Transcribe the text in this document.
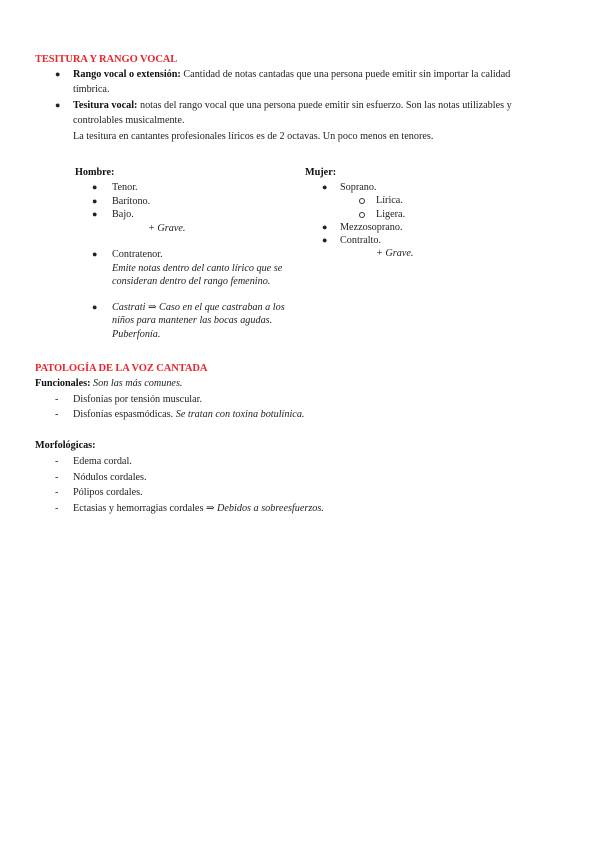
TESITURA Y RANGO VOCAL
● Rango vocal o extensión: Cantidad de notas cantadas que una persona puede emitir sin importar la calidad
tímbrica.
● Tesitura vocal: notas del rango vocal que una persona puede emitir sin esfuerzo. Son las notas utilizables y
controlables musicalmente.
La tesitura en cantantes profesionales líricos es de 2 octavas. Un poco menos en tenores.
Hombre:
● Tenor.
● Barítono.
● Bajo.
+ Grave.
● Contratenor.
Emite notas dentro del canto lírico que se
consideran dentro del rango femenino.
● Castrati ⇒ Caso en el que castraban a los
niños para mantener las bocas agudas.
Puberfonía.
Mujer:
● Soprano.
Lírica.
Ligera.
● Mezzosoprano.
● Contralto.
+ Grave.
PATOLOGÍA DE LA VOZ CANTADA
Funcionales: Son las más comunes.
- Disfonías por tensión muscular.
- Disfonías espasmódicas. Se tratan con toxina botulínica.
Morfológicas:
- Edema cordal.
- Nódulos cordales.
- Pólipos cordales.
- Ectasias y hemorragias cordales ⇒ Debidos a sobreesfuerzos.
